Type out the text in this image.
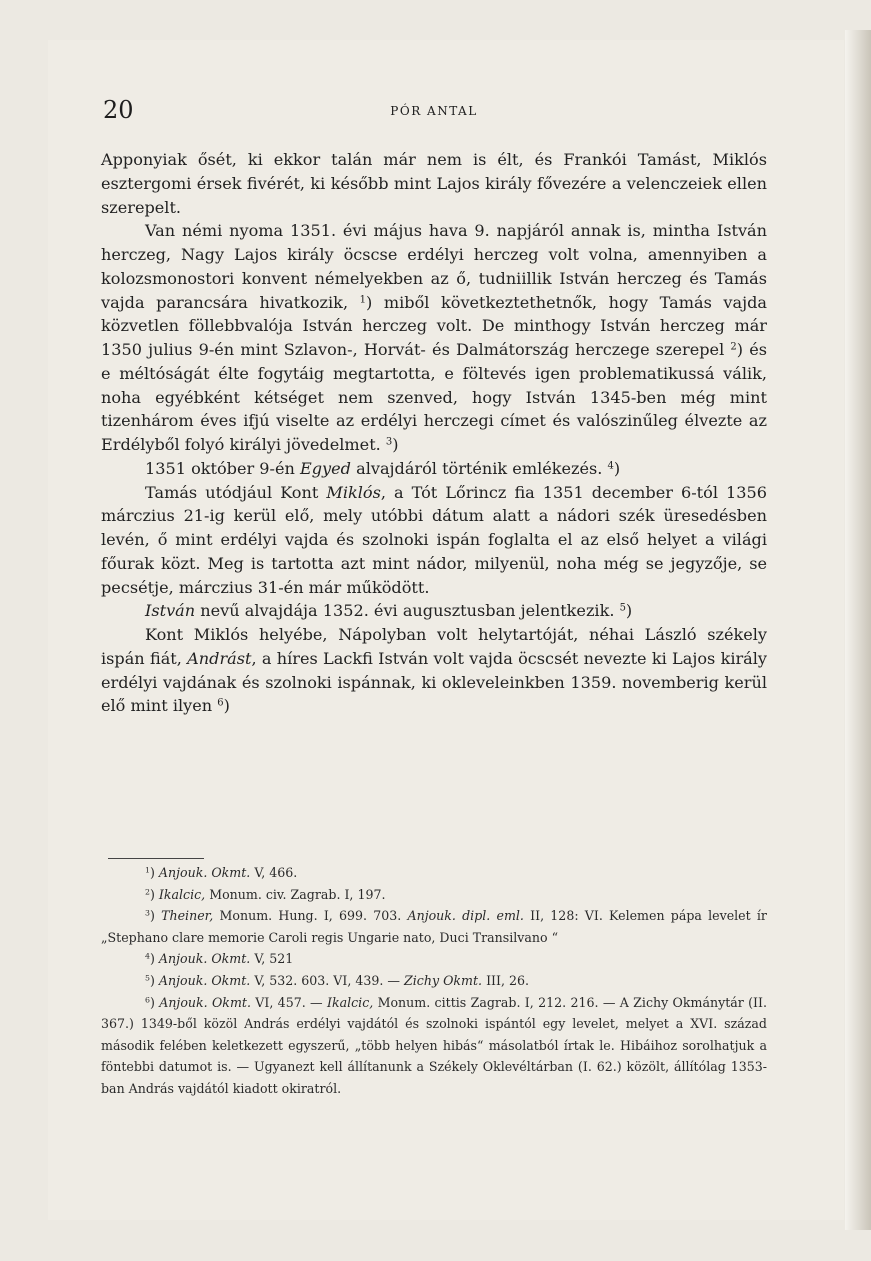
20	PÓR ANTAL

Apponyiak ősét, ki ekkor talán már nem is élt, és Frankói Tamást, Miklós esztergomi érsek fivérét, ki később mint Lajos király fővezére a velenczeiek ellen szerepelt.

Van némi nyoma 1351. évi május hava 9. napjáról annak is, mintha István herczeg, Nagy Lajos király öcscse erdélyi herczeg volt volna, amennyiben a kolozsmonostori konvent némelyekben az ő, tudniillik István herczeg és Tamás vajda parancsára hivatkozik, $^1$) miből következtethetnők, hogy Tamás vajda közvetlen föllebbvalója István herczeg volt. De minthogy István herczeg már 1350 julius 9-én mint Szlavon-, Horvát- és Dalmátország herczege szerepel $^2$) és e méltóságát élte fogytáig megtartotta, e föltevés igen problematikussá válik, noha egyébként kétséget nem szenved, hogy István 1345-ben még mint tizenhárom éves ifjú viselte az erdélyi herczegi címet és valószinűleg élvezte az Erdélyből folyó királyi jövedelmet. $^3$)

1351 október 9-én Egyed alvajdáról történik emlékezés. $^4$)

Tamás utódjául Kont Miklós, a Tót Lőrincz fia 1351 december 6-tól 1356 márczius 21-ig kerül elő, mely utóbbi dátum alatt a nádori szék üresedésben levén, ő mint erdélyi vajda és szolnoki ispán foglalta el az első helyet a világi főurak közt. Meg is tartotta azt mint nádor, milyenül, noha még se jegyzője, se pecsétje, márczius 31-én már működött.

István nevű alvajdája 1352. évi augusztusban jelentkezik. $^5$)

Kont Miklós helyébe, Nápolyban volt helytartóját, néhai László székely ispán fiát, Andrást, a híres Lackfi István volt vajda öcscsét nevezte ki Lajos király erdélyi vajdának és szolnoki ispánnak, ki okleveleinkben 1359. novemberig kerül elő mint ilyen $^6$)

$^1$) Anjouk. Okmt. V, 466.

$^2$) Ikalcic, Monum. civ. Zagrab. I, 197.

$^3$) Theiner, Monum. Hung. I, 699. 703. Anjouk. dipl. eml. II, 128: VI. Kelemen pápa levelet ír „Stephano clare memorie Caroli regis Ungarie nato, Duci Transilvano “

$^4$) Anjouk. Okmt. V, 521

$^5$) Anjouk. Okmt. V, 532. 603. VI, 439. — Zichy Okmt. III, 26.

$^6$) Anjouk. Okmt. VI, 457. — Ikalcic, Monum. cittis Zagrab. I, 212. 216. — A Zichy Okmánytár (II. 367.) 1349-ből közöl András erdélyi vajdától és szolnoki ispántól egy levelet, melyet a XVI. század második felében keletkezett egyszerű, „több helyen hibás“ másolatból írtak le. Hibáihoz sorolhatjuk a föntebbi datumot is. — Ugyanezt kell állítanunk a Székely Oklevéltárban (I. 62.) közölt, állítólag 1353-ban András vajdától kiadott okiratról.
